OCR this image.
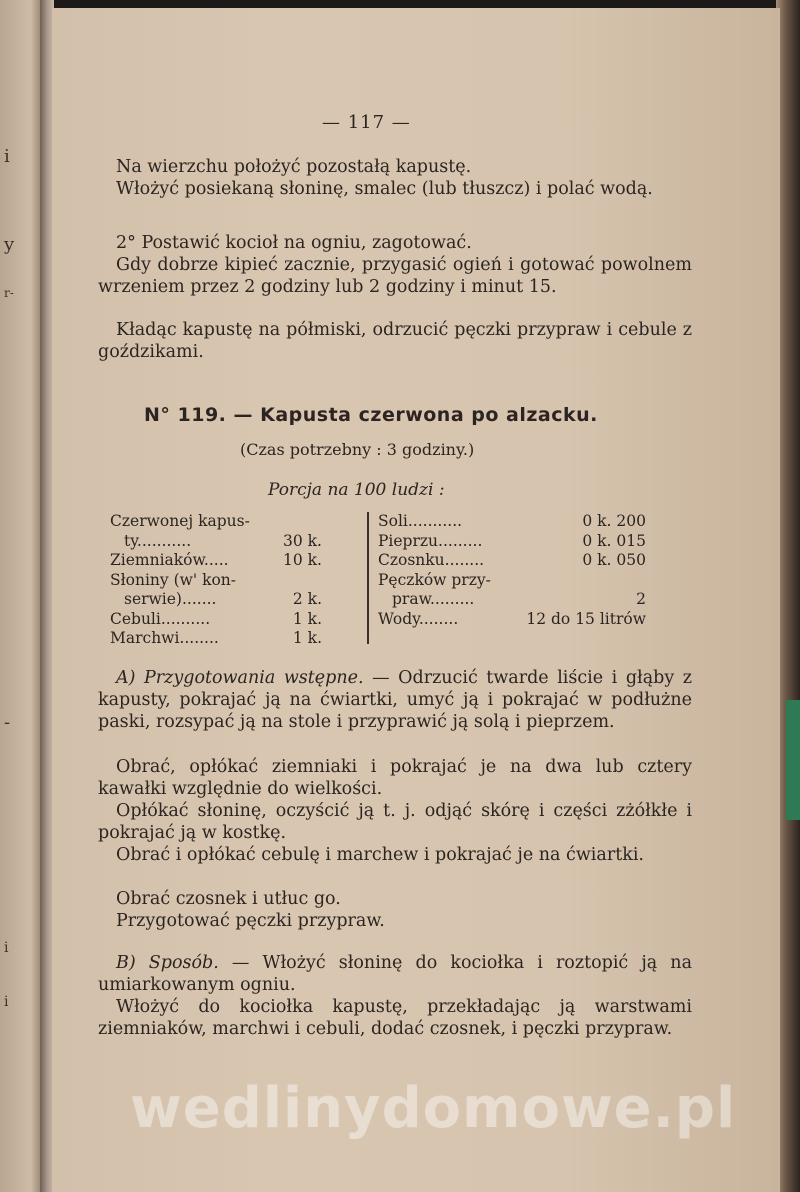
i
y
r-
-
i
i
— 117 —

Na wierzchu położyć pozostałą kapustę.

Włożyć posiekaną słoninę, smalec (lub tłuszcz) i polać wodą.

2° Postawić kocioł na ogniu, zagotować.

Gdy dobrze kipieć zacznie, przygasić ogień i gotować powolnem wrzeniem przez 2 godziny lub 2 godziny i minut 15.

Kładąc kapustę na półmiski, odrzucić pęczki przypraw i cebule z goździkami.

N° 119. — Kapusta czerwona po alzacku.
(Czas potrzebny : 3 godziny.)
Porcja na 100 ludzi :
Czerwonej kapus-
ty...........	30 k.
Ziemniaków.....	10 k.
Słoniny (w' kon-
serwie).......	2 k.
Cebuli..........	1 k.
Marchwi........	1 k.
Soli...........	0 k. 200
Pieprzu.........	0 k. 015
Czosnku........	0 k. 050
Pęczków przy-
praw.........	2
Wody........	12 do 15 litrów

A) Przygotowania wstępne. — Odrzucić twarde liście i głąby z kapusty, pokrajać ją na ćwiartki, umyć ją i pokrajać w podłużne paski, rozsypać ją na stole i przyprawić ją solą i pieprzem.

Obrać, opłókać ziemniaki i pokrajać je na dwa lub cztery kawałki względnie do wielkości.

Opłókać słoninę, oczyścić ją t. j. odjąć skórę i części zżółkłe i pokrajać ją w kostkę.

Obrać i opłókać cebulę i marchew i pokrajać je na ćwiartki.

Obrać czosnek i utłuc go.

Przygotować pęczki przypraw.

B) Sposób. — Włożyć słoninę do kociołka i roztopić ją na umiarkowanym ogniu.

Włożyć do kociołka kapustę, przekładając ją warstwami ziemniaków, marchwi i cebuli, dodać czosnek, i pęczki przypraw.

wedlinydomowe.pl
